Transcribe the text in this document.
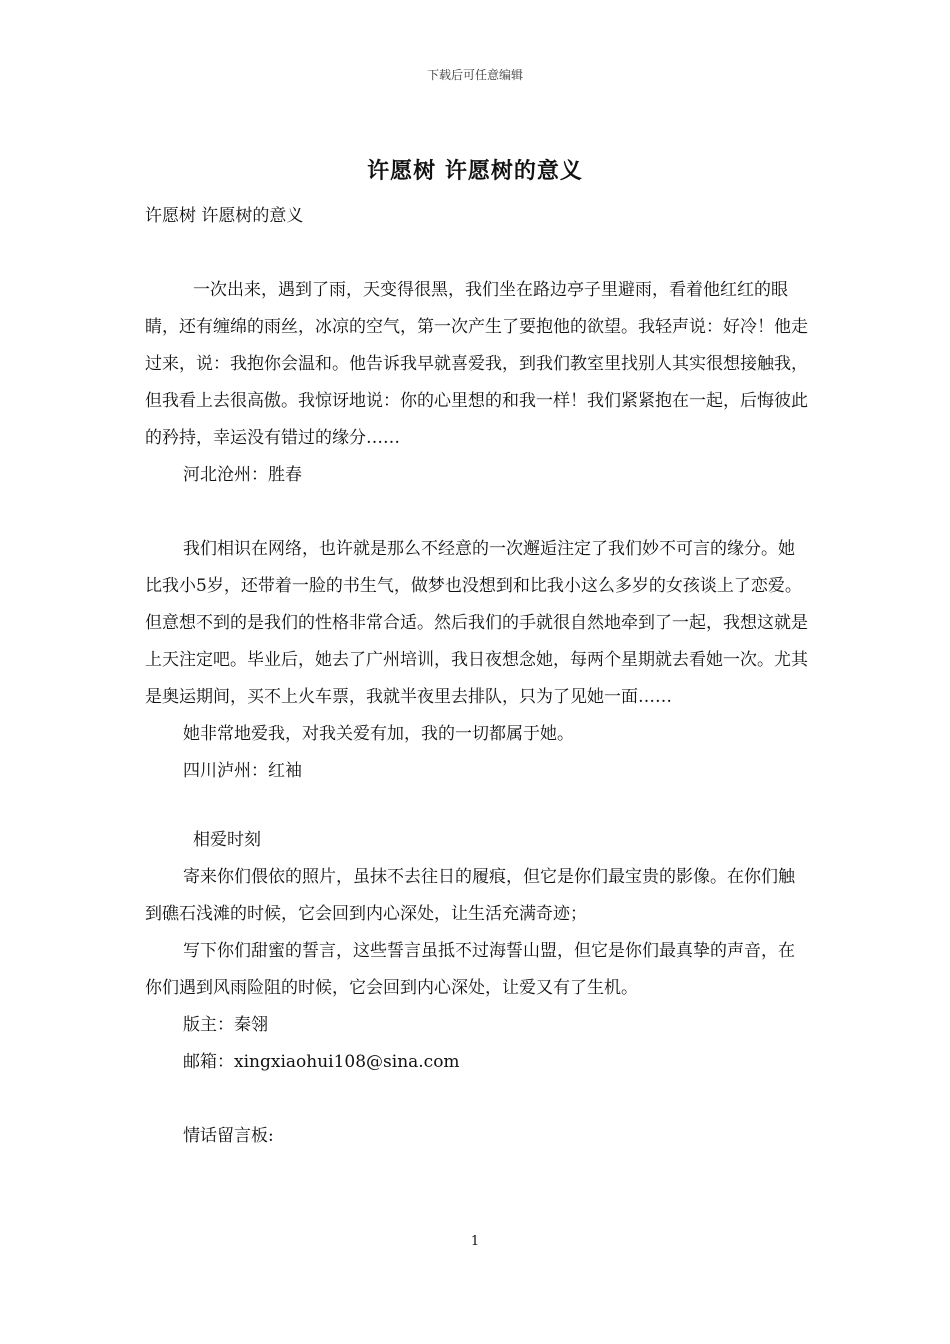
下载后可任意编辑
许愿树 许愿树的意义

许愿树 许愿树的意义

一次出来，遇到了雨，天变得很黑，我们坐在路边亭子里避雨，看着他红红的眼睛，还有缠绵的雨丝，冰凉的空气，第一次产生了要抱他的欲望。我轻声说：好冷！他走过来，说：我抱你会温和。他告诉我早就喜爱我，到我们教室里找别人其实很想接触我，但我看上去很高傲。我惊讶地说：你的心里想的和我一样！我们紧紧抱在一起，后悔彼此的矜持，幸运没有错过的缘分……

河北沧州：胜春

我们相识在网络，也许就是那么不经意的一次邂逅注定了我们妙不可言的缘分。她比我小5岁，还带着一脸的书生气，做梦也没想到和比我小这么多岁的女孩谈上了恋爱。但意想不到的是我们的性格非常合适。然后我们的手就很自然地牵到了一起，我想这就是上天注定吧。毕业后，她去了广州培训，我日夜想念她，每两个星期就去看她一次。尤其是奥运期间，买不上火车票，我就半夜里去排队，只为了见她一面……

她非常地爱我，对我关爱有加，我的一切都属于她。

四川泸州：红袖

相爱时刻

寄来你们偎依的照片，虽抹不去往日的履痕，但它是你们最宝贵的影像。在你们触到礁石浅滩的时候，它会回到内心深处，让生活充满奇迹；

写下你们甜蜜的誓言，这些誓言虽抵不过海誓山盟，但它是你们最真挚的声音，在你们遇到风雨险阻的时候，它会回到内心深处，让爱又有了生机。

版主：秦翎

邮箱：xingxiaohui108@sina.com

情话留言板:

1
